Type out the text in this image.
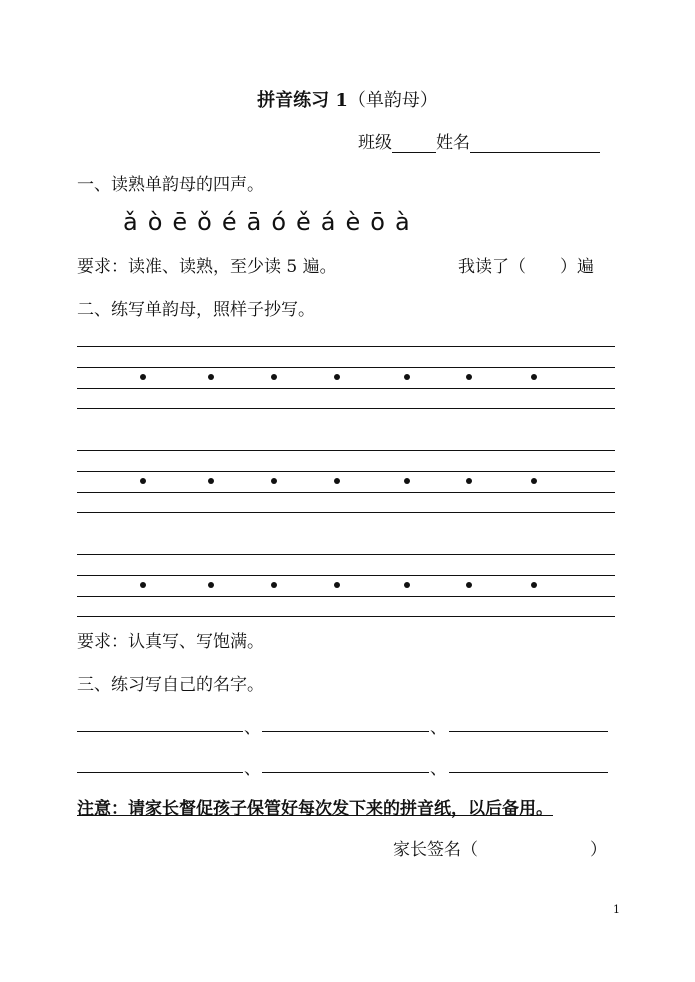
拼音练习 1（单韵母）
班级	姓名
一、读熟单韵母的四声。
ǎ ò ē ǒ é ā ó ě á è ō à
要求：读准、读熟，至少读 5 遍。	我读了（ ）遍
二、练写单韵母，照样子抄写。
要求：认真写、写饱满。
三、练习写自己的名字。
、	、
、	、
注意：请家长督促孩子保管好每次发下来的拼音纸，以后备用。
家长签名（	）
1
